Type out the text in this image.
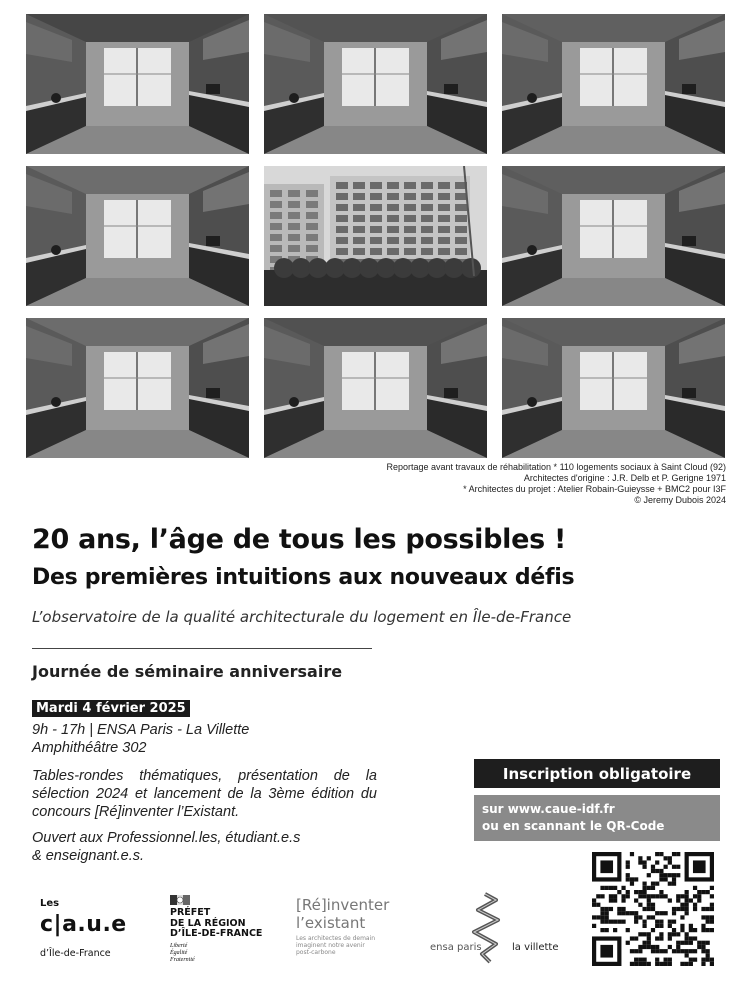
Reportage avant travaux de réhabilitation * 110 logements sociaux à Saint Cloud (92)
Architectes d'origine : J.R. Delb et P. Gerigne 1971
* Architectes du projet : Atelier Robain-Guieysse + BMC2 pour I3F
© Jeremy Dubois 2024
20 ans, l’âge de tous les possibles !
Des premières intuitions aux nouveaux défis
L’observatoire de la qualité architecturale du logement en Île-de-France
Journée de séminaire anniversaire
Mardi 4 février 2025
9h - 17h | ENSA Paris - La Villette
Amphithéâtre 302
Tables-rondes thématiques, présentation de la sélection 2024 et lancement de la 3ème édition du concours [Ré]inventer l’Existant.
Ouvert aux Professionnel.les, étudiant.e.s
& enseignant.e.s.
Inscription obligatoire
sur www.caue-idf.fr
ou en scannant le QR-Code
Les
c|a.u.e
d’Île-de-France
PRÉFET
DE LA RÉGION
D’ÎLE-DE-FRANCE
Liberté
Égalité
Fraternité
[Ré]inventer
l’existant
Les architectes de demain
imaginent notre avenir
post-carbone	ensa paris	la villette
